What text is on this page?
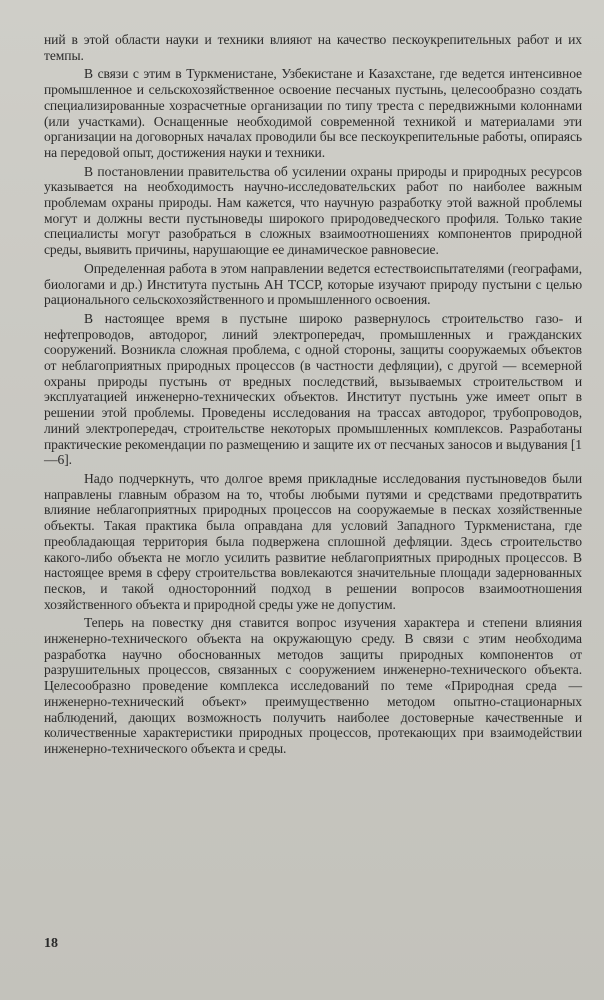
ний в этой области науки и техники влияют на качество пескоукрепительных работ и их темпы.

В связи с этим в Туркменистане, Узбекистане и Казахстане, где ведется интенсивное промышленное и сельскохозяйственное освоение песчаных пустынь, целесообразно создать специализированные хозрасчетные организации по типу треста с передвижными колоннами (или участками). Оснащенные необходимой современной техникой и материалами эти организации на договорных началах проводили бы все пескоукрепительные работы, опираясь на передовой опыт, достижения науки и техники.

В постановлении правительства об усилении охраны природы и природных ресурсов указывается на необходимость научно-исследовательских работ по наиболее важным проблемам охраны природы. Нам кажется, что научную разработку этой важной проблемы могут и должны вести пустыноведы широкого природоведческого профиля. Только такие специалисты могут разобраться в сложных взаимоотношениях компонентов природной среды, выявить причины, нарушающие ее динамическое равновесие.

Определенная работа в этом направлении ведется естествоиспытателями (географами, биологами и др.) Института пустынь АН ТССР, которые изучают природу пустыни с целью рационального сельскохозяйственного и промышленного освоения.

В настоящее время в пустыне широко развернулось строительство газо- и нефтепроводов, автодорог, линий электропередач, промышленных и гражданских сооружений. Возникла сложная проблема, с одной стороны, защиты сооружаемых объектов от неблагоприятных природных процессов (в частности дефляции), с другой — всемерной охраны природы пустынь от вредных последствий, вызываемых строительством и эксплуатацией инженерно-технических объектов. Институт пустынь уже имеет опыт в решении этой проблемы. Проведены исследования на трассах автодорог, трубопроводов, линий электропередач, строительстве некоторых промышленных комплексов. Разработаны практические рекомендации по размещению и защите их от песчаных заносов и выдувания [1—6].

Надо подчеркнуть, что долгое время прикладные исследования пустыноведов были направлены главным образом на то, чтобы любыми путями и средствами предотвратить влияние неблагоприятных природных процессов на сооружаемые в песках хозяйственные объекты. Такая практика была оправдана для условий Западного Туркменистана, где преобладающая территория была подвержена сплошной дефляции. Здесь строительство какого-либо объекта не могло усилить развитие неблагоприятных природных процессов. В настоящее время в сферу строительства вовлекаются значительные площади задернованных песков, и такой односторонний подход в решении вопросов взаимоотношения хозяйственного объекта и природной среды уже не допустим.

Теперь на повестку дня ставится вопрос изучения характера и степени влияния инженерно-технического объекта на окружающую среду. В связи с этим необходима разработка научно обоснованных методов защиты природных компонентов от разрушительных процессов, связанных с сооружением инженерно-технического объекта. Целесообразно проведение комплекса исследований по теме «Природная среда — инженерно-технический объект» преимущественно методом опытно-стационарных наблюдений, дающих возможность получить наиболее достоверные качественные и количественные характеристики природных процессов, протекающих при взаимодействии инженерно-технического объекта и среды.

18
